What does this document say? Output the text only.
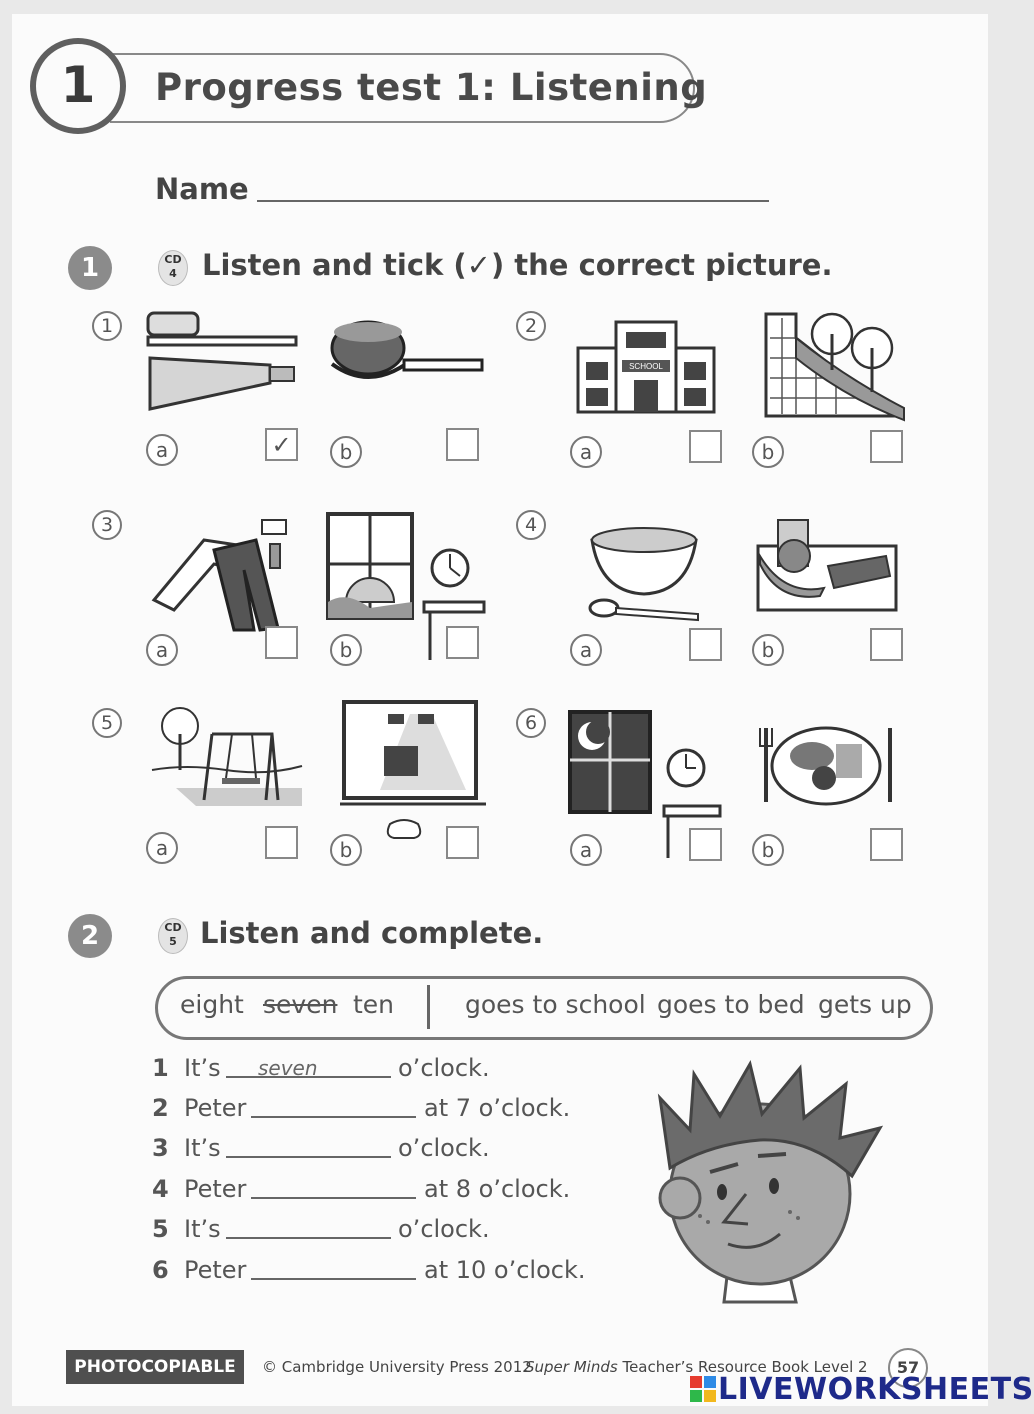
1	Progress test 1: Listening
Name
1	CD
4 Listen and tick (✓) the correct picture.
1
a	✓	b
2
SCHOOL
a	b
3
a	b
4
a	b
5
a	b
6
a	b
2	CD
5 Listen and complete.
eight seven ten	goes to school goes to bed gets up
1 It’s seven	o’clock.
2 Peter	at 7 o’clock.
3 It’s	o’clock.
4 Peter	at 8 o’clock.
5 It’s	o’clock.
6 Peter	at 10 o’clock.
PHOTOCOPIABLE	© Cambridge University Press 2012
Super Minds Teacher’s Resource Book Level 2	57
LIVEWORKSHEETS
